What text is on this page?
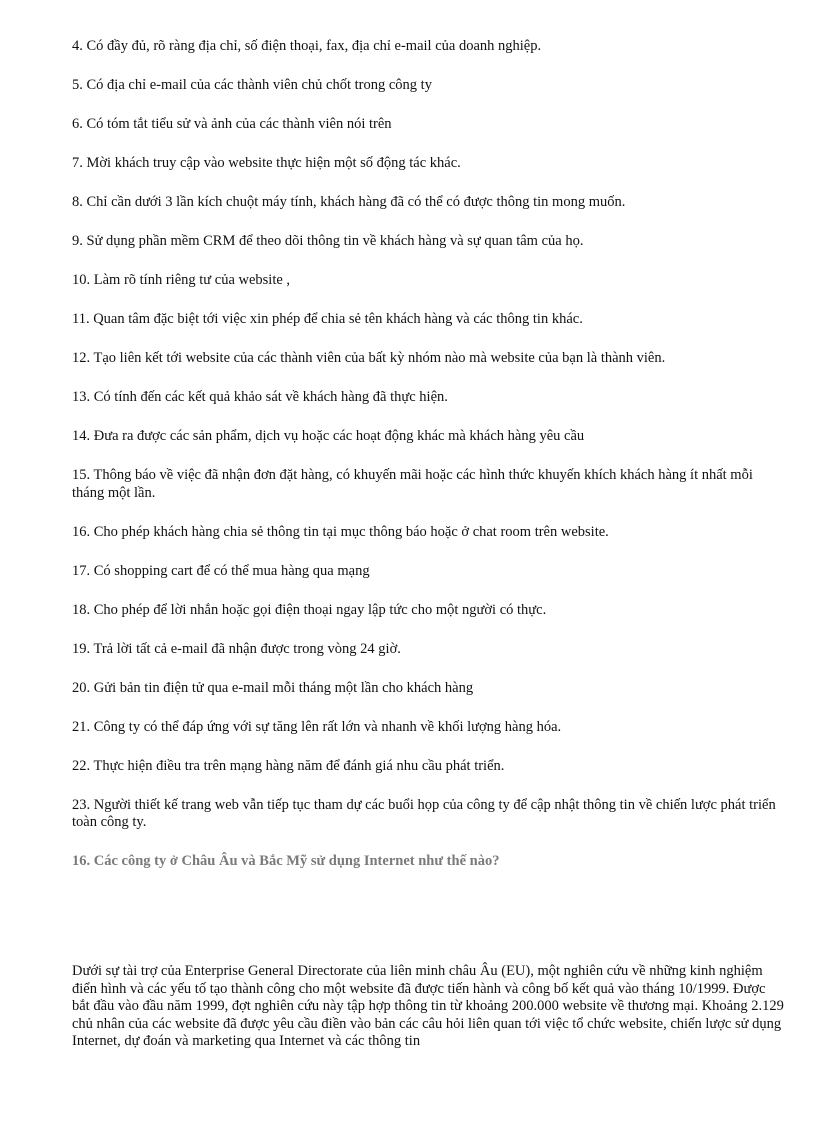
4. Có đầy đủ, rõ ràng địa chỉ, số điện thoại, fax, địa chỉ e-mail của doanh nghiệp.

5. Có địa chỉ e-mail của các thành viên chủ chốt trong công ty

6. Có tóm tắt tiểu sử và ảnh của các thành viên nói trên

7. Mời khách truy cập vào website thực hiện một số động tác khác.

8. Chỉ cần dưới 3 lần kích chuột máy tính, khách hàng đã có thể có được thông tin mong muốn.

9. Sử dụng phần mềm CRM để theo dõi thông tin về khách hàng và sự quan tâm của họ.

10. Làm rõ tính riêng tư của website ,

11. Quan tâm đặc biệt tới việc xin phép để chia sẻ tên khách hàng và các thông tin khác.

12. Tạo liên kết tới website của các thành viên của bất kỳ nhóm nào mà website của bạn là thành viên.

13. Có tính đến các kết quả khảo sát về khách hàng đã thực hiện.

14. Đưa ra được các sản phẩm, dịch vụ hoặc các hoạt động khác mà khách hàng yêu cầu

15. Thông báo về việc đã nhận đơn đặt hàng, có khuyến mãi hoặc các hình thức khuyến khích khách hàng ít nhất mỗi tháng một lần.

16. Cho phép khách hàng chia sẻ thông tin tại mục thông báo hoặc ở chat room trên website.

17. Có shopping cart để có thể mua hàng qua mạng

18. Cho phép để lời nhắn hoặc gọi điện thoại ngay lập tức cho một người có thực.

19. Trả lời tất cả e-mail đã nhận được trong vòng 24 giờ.

20. Gửi bản tin điện tử qua e-mail mỗi tháng một lần cho khách hàng

21. Công ty có thể đáp ứng với sự tăng lên rất lớn và nhanh về khối lượng hàng hóa.

22. Thực hiện điều tra trên mạng hàng năm để đánh giá nhu cầu phát triển.

23. Người thiết kế trang web vẫn tiếp tục tham dự các buổi họp của công ty để cập nhật thông tin về chiến lược phát triển toàn công ty.

16. Các công ty ở Châu Âu và Bắc Mỹ sử dụng Internet như thế nào?

Dưới sự tài trợ của Enterprise General Directorate của liên minh châu Âu (EU), một nghiên cứu về những kinh nghiệm điển hình và các yếu tố tạo thành công cho một website đã được tiến hành và công bố kết quả vào tháng 10/1999. Được bắt đầu vào đầu năm 1999, đợt nghiên cứu này tập hợp thông tin từ khoảng 200.000 website về thương mại. Khoảng 2.129 chủ nhân của các website đã được yêu cầu điền vào bản các câu hỏi liên quan tới việc tổ chức website, chiến lược sử dụng Internet, dự đoán và marketing qua Internet và các thông tin
